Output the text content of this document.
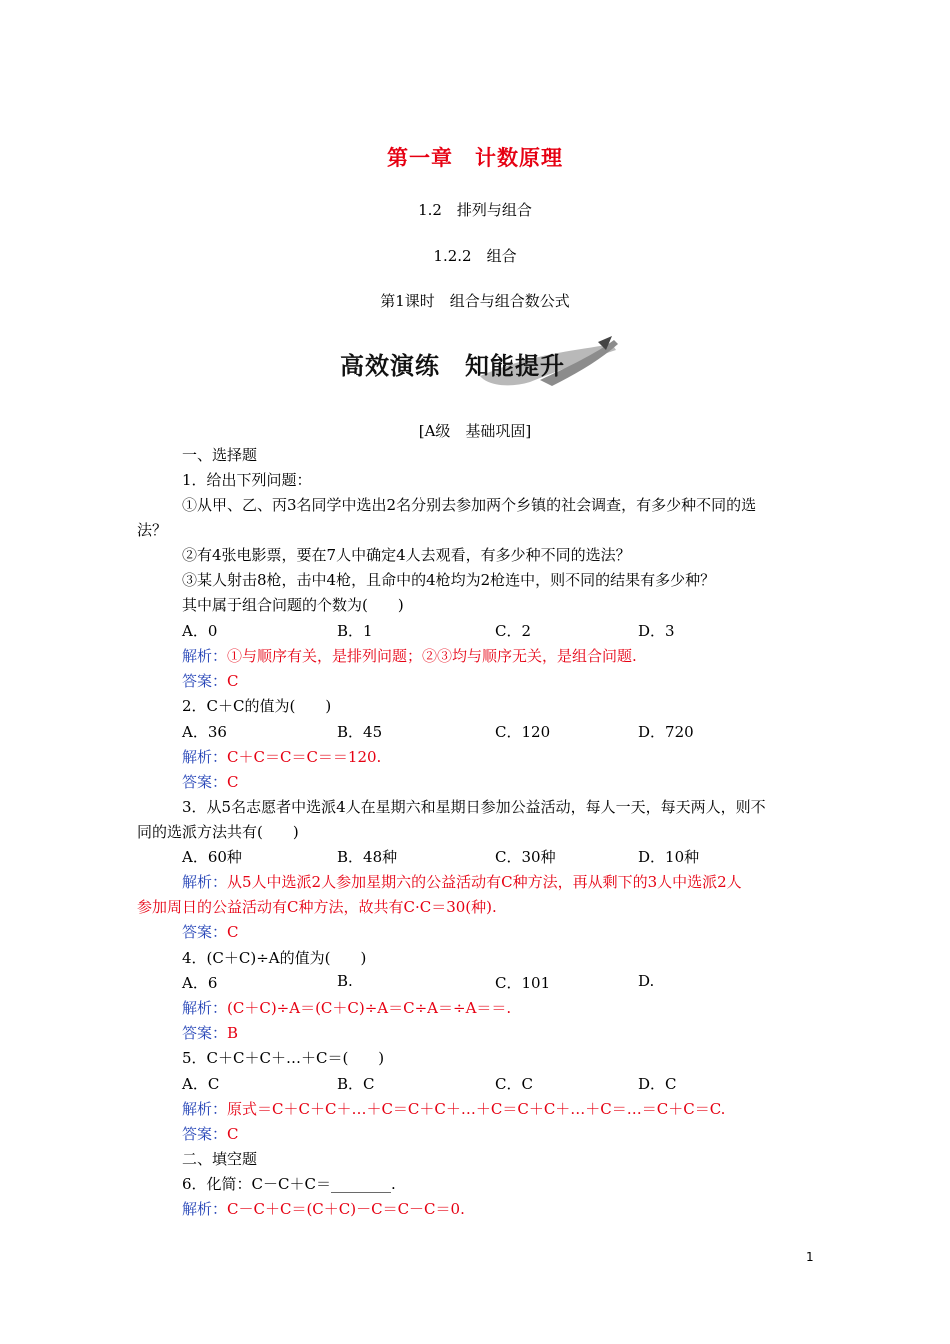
第一章　计数原理
1.2　排列与组合
1.2.2　组合
第1课时　组合与组合数公式
高效演练　知能提升
[A级　基础巩固]
一、选择题
1．给出下列问题：
①从甲、乙、丙3名同学中选出2名分别去参加两个乡镇的社会调查，有多少种不同的选
法？
②有4张电影票，要在7人中确定4人去观看，有多少种不同的选法？
③某人射击8枪，击中4枪，且命中的4枪均为2枪连中，则不同的结果有多少种？
其中属于组合问题的个数为(　　)
A．0	B．1	C．2	D．3
解析：①与顺序有关，是排列问题；②③均与顺序无关，是组合问题.
答案：C
2．C＋C的值为(　　)
A．36	B．45	C．120	D．720
解析：C＋C＝C＝C＝＝120.
答案：C
3．从5名志愿者中选派4人在星期六和星期日参加公益活动，每人一天，每天两人，则不
同的选派方法共有(　　)
A．60种	B．48种	C．30种	D．10种
解析：从5人中选派2人参加星期六的公益活动有C种方法，再从剩下的3人中选派2人
参加周日的公益活动有C种方法，故共有C·C＝30(种).
答案：C
4．(C＋C)÷A的值为(　　)
A．6	B.	C．101	D.
解析：(C＋C)÷A＝(C＋C)÷A＝C÷A＝÷A＝＝.
答案：B
5．C＋C＋C＋…＋C＝(　　)
A．C	B．C	C．C	D．C
解析：原式＝C＋C＋C＋…＋C＝C＋C＋…＋C＝C＋C＋…＋C＝…＝C＋C＝C.
答案：C
二、填空题
6．化简：C－C＋C＝________.
解析：C－C＋C＝(C＋C)－C＝C－C＝0.
1
